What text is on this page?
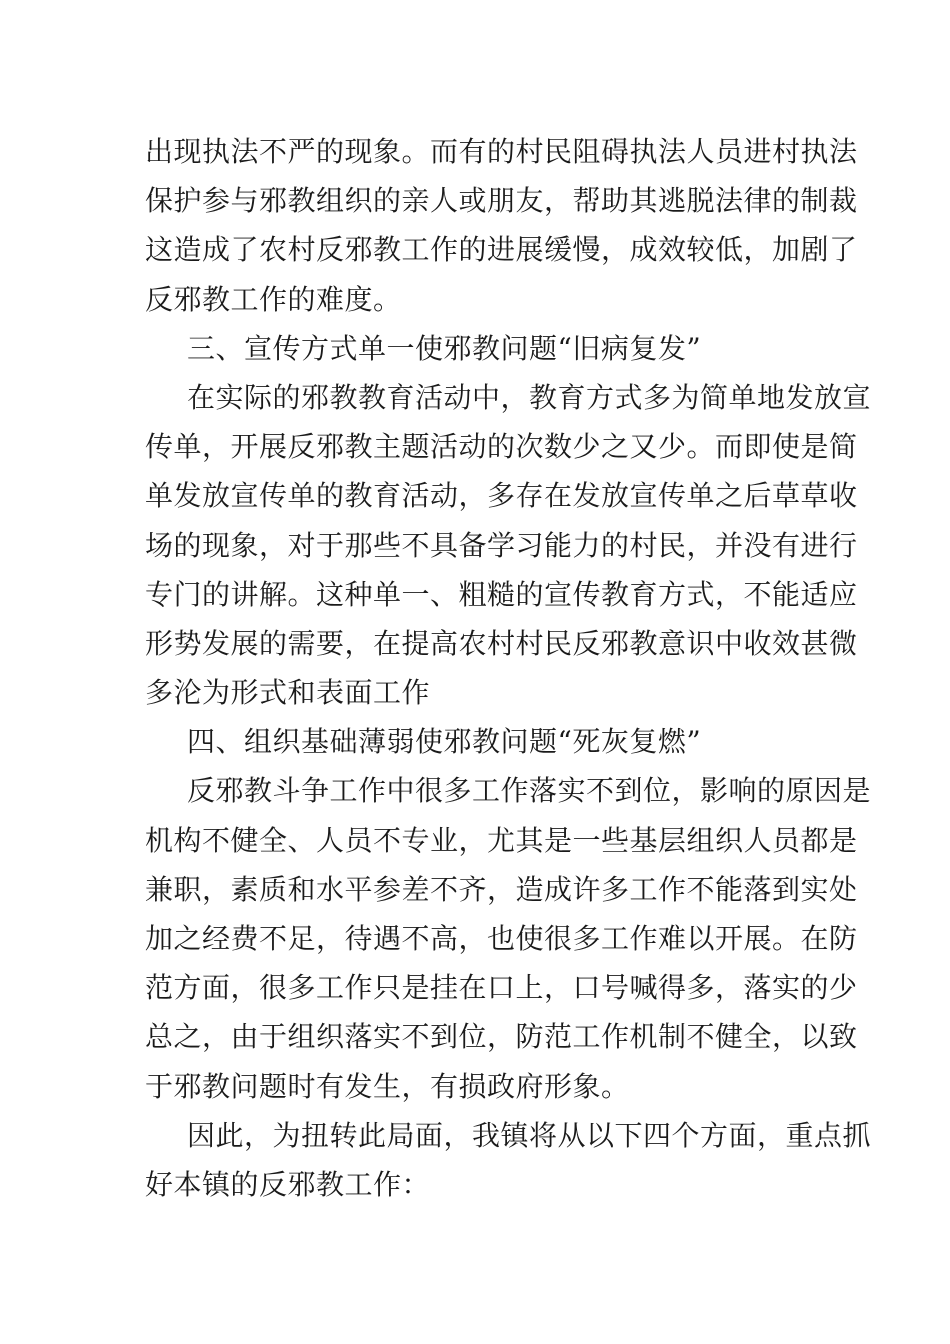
出现执法不严的现象。而有的村民阻碍执法人员进村执法
保护参与邪教组织的亲人或朋友，帮助其逃脱法律的制裁
这造成了农村反邪教工作的进展缓慢，成效较低，加剧了
反邪教工作的难度。
三、宣传方式单一使邪教问题“旧病复发”
在实际的邪教教育活动中，教育方式多为简单地发放宣
传单，开展反邪教主题活动的次数少之又少。而即使是简
单发放宣传单的教育活动，多存在发放宣传单之后草草收
场的现象，对于那些不具备学习能力的村民，并没有进行
专门的讲解。这种单一、粗糙的宣传教育方式，不能适应
形势发展的需要，在提高农村村民反邪教意识中收效甚微
多沦为形式和表面工作
四、组织基础薄弱使邪教问题“死灰复燃”
反邪教斗争工作中很多工作落实不到位，影响的原因是
机构不健全、人员不专业，尤其是一些基层组织人员都是
兼职，素质和水平参差不齐，造成许多工作不能落到实处
加之经费不足，待遇不高，也使很多工作难以开展。在防
范方面，很多工作只是挂在口上，口号喊得多，落实的少
总之，由于组织落实不到位，防范工作机制不健全，以致
于邪教问题时有发生，有损政府形象。
因此，为扭转此局面，我镇将从以下四个方面，重点抓
好本镇的反邪教工作：
